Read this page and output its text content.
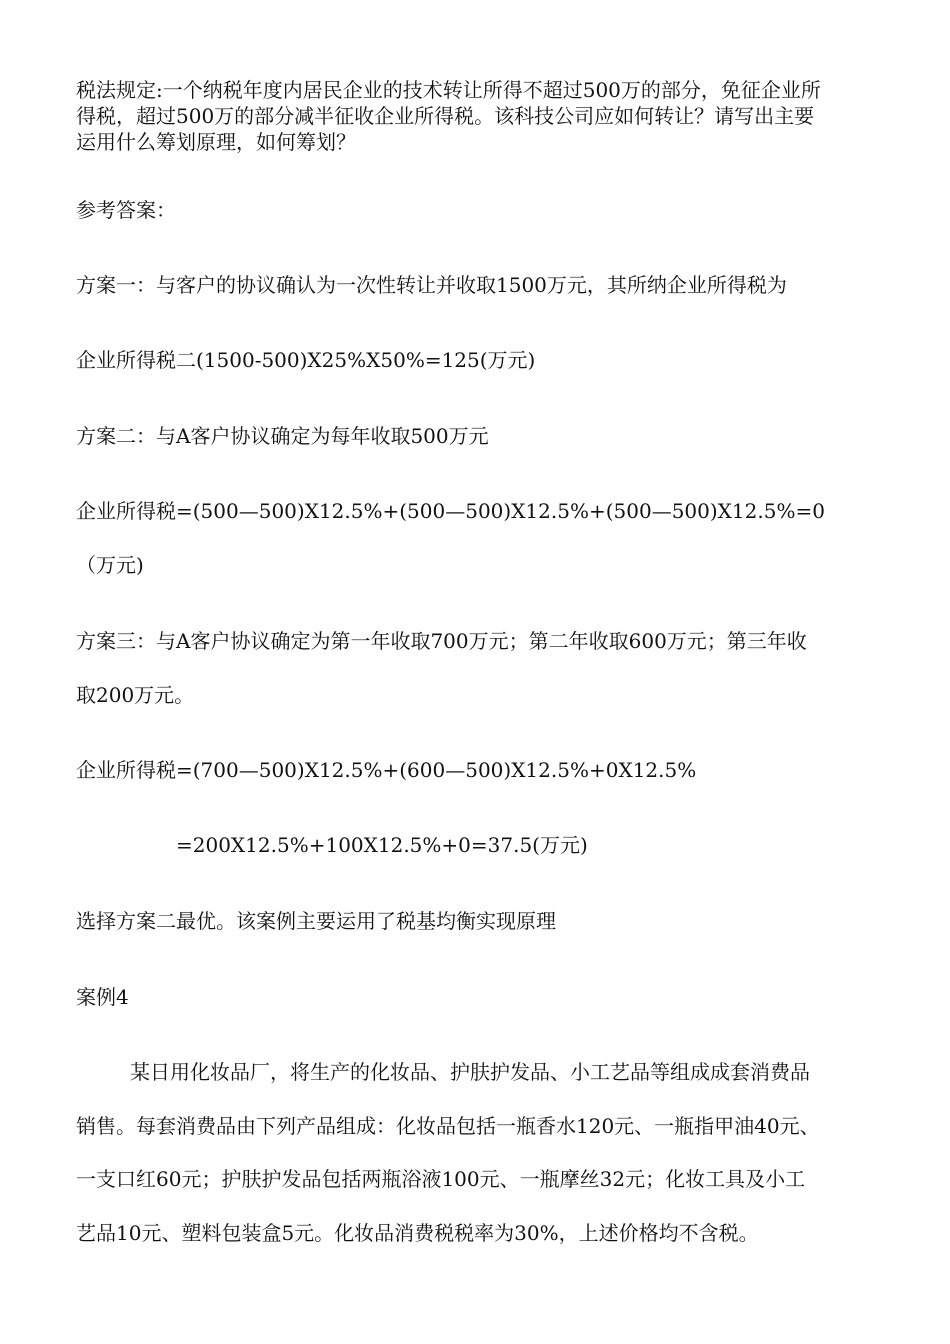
税法规定:一个纳税年度内居民企业的技术转让所得不超过500万的部分，免征企业所
得税，超过500万的部分减半征收企业所得税。该科技公司应如何转让？请写出主要
运用什么筹划原理，如何筹划？
参考答案：
方案一：与客户的协议确认为一次性转让并收取1500万元，其所纳企业所得税为
企业所得税二(1500-500)X25%X50%=125(万元)
方案二：与A客户协议确定为每年收取500万元
企业所得税=(500—500)X12.5%+(500—500)X12.5%+(500—500)X12.5%=0
（万元)
方案三：与A客户协议确定为第一年收取700万元；第二年收取600万元；第三年收
取200万元。
企业所得税=(700—500)X12.5%+(600—500)X12.5%+0X12.5%
=200X12.5%+100X12.5%+0=37.5(万元)
选择方案二最优。该案例主要运用了税基均衡实现原理
案例4
某日用化妆品厂，将生产的化妆品、护肤护发品、小工艺品等组成成套消费品
销售。每套消费品由下列产品组成：化妆品包括一瓶香水120元、一瓶指甲油40元、
一支口红60元；护肤护发品包括两瓶浴液100元、一瓶摩丝32元；化妆工具及小工
艺品10元、塑料包装盒5元。化妆品消费税税率为30%，上述价格均不含税。
